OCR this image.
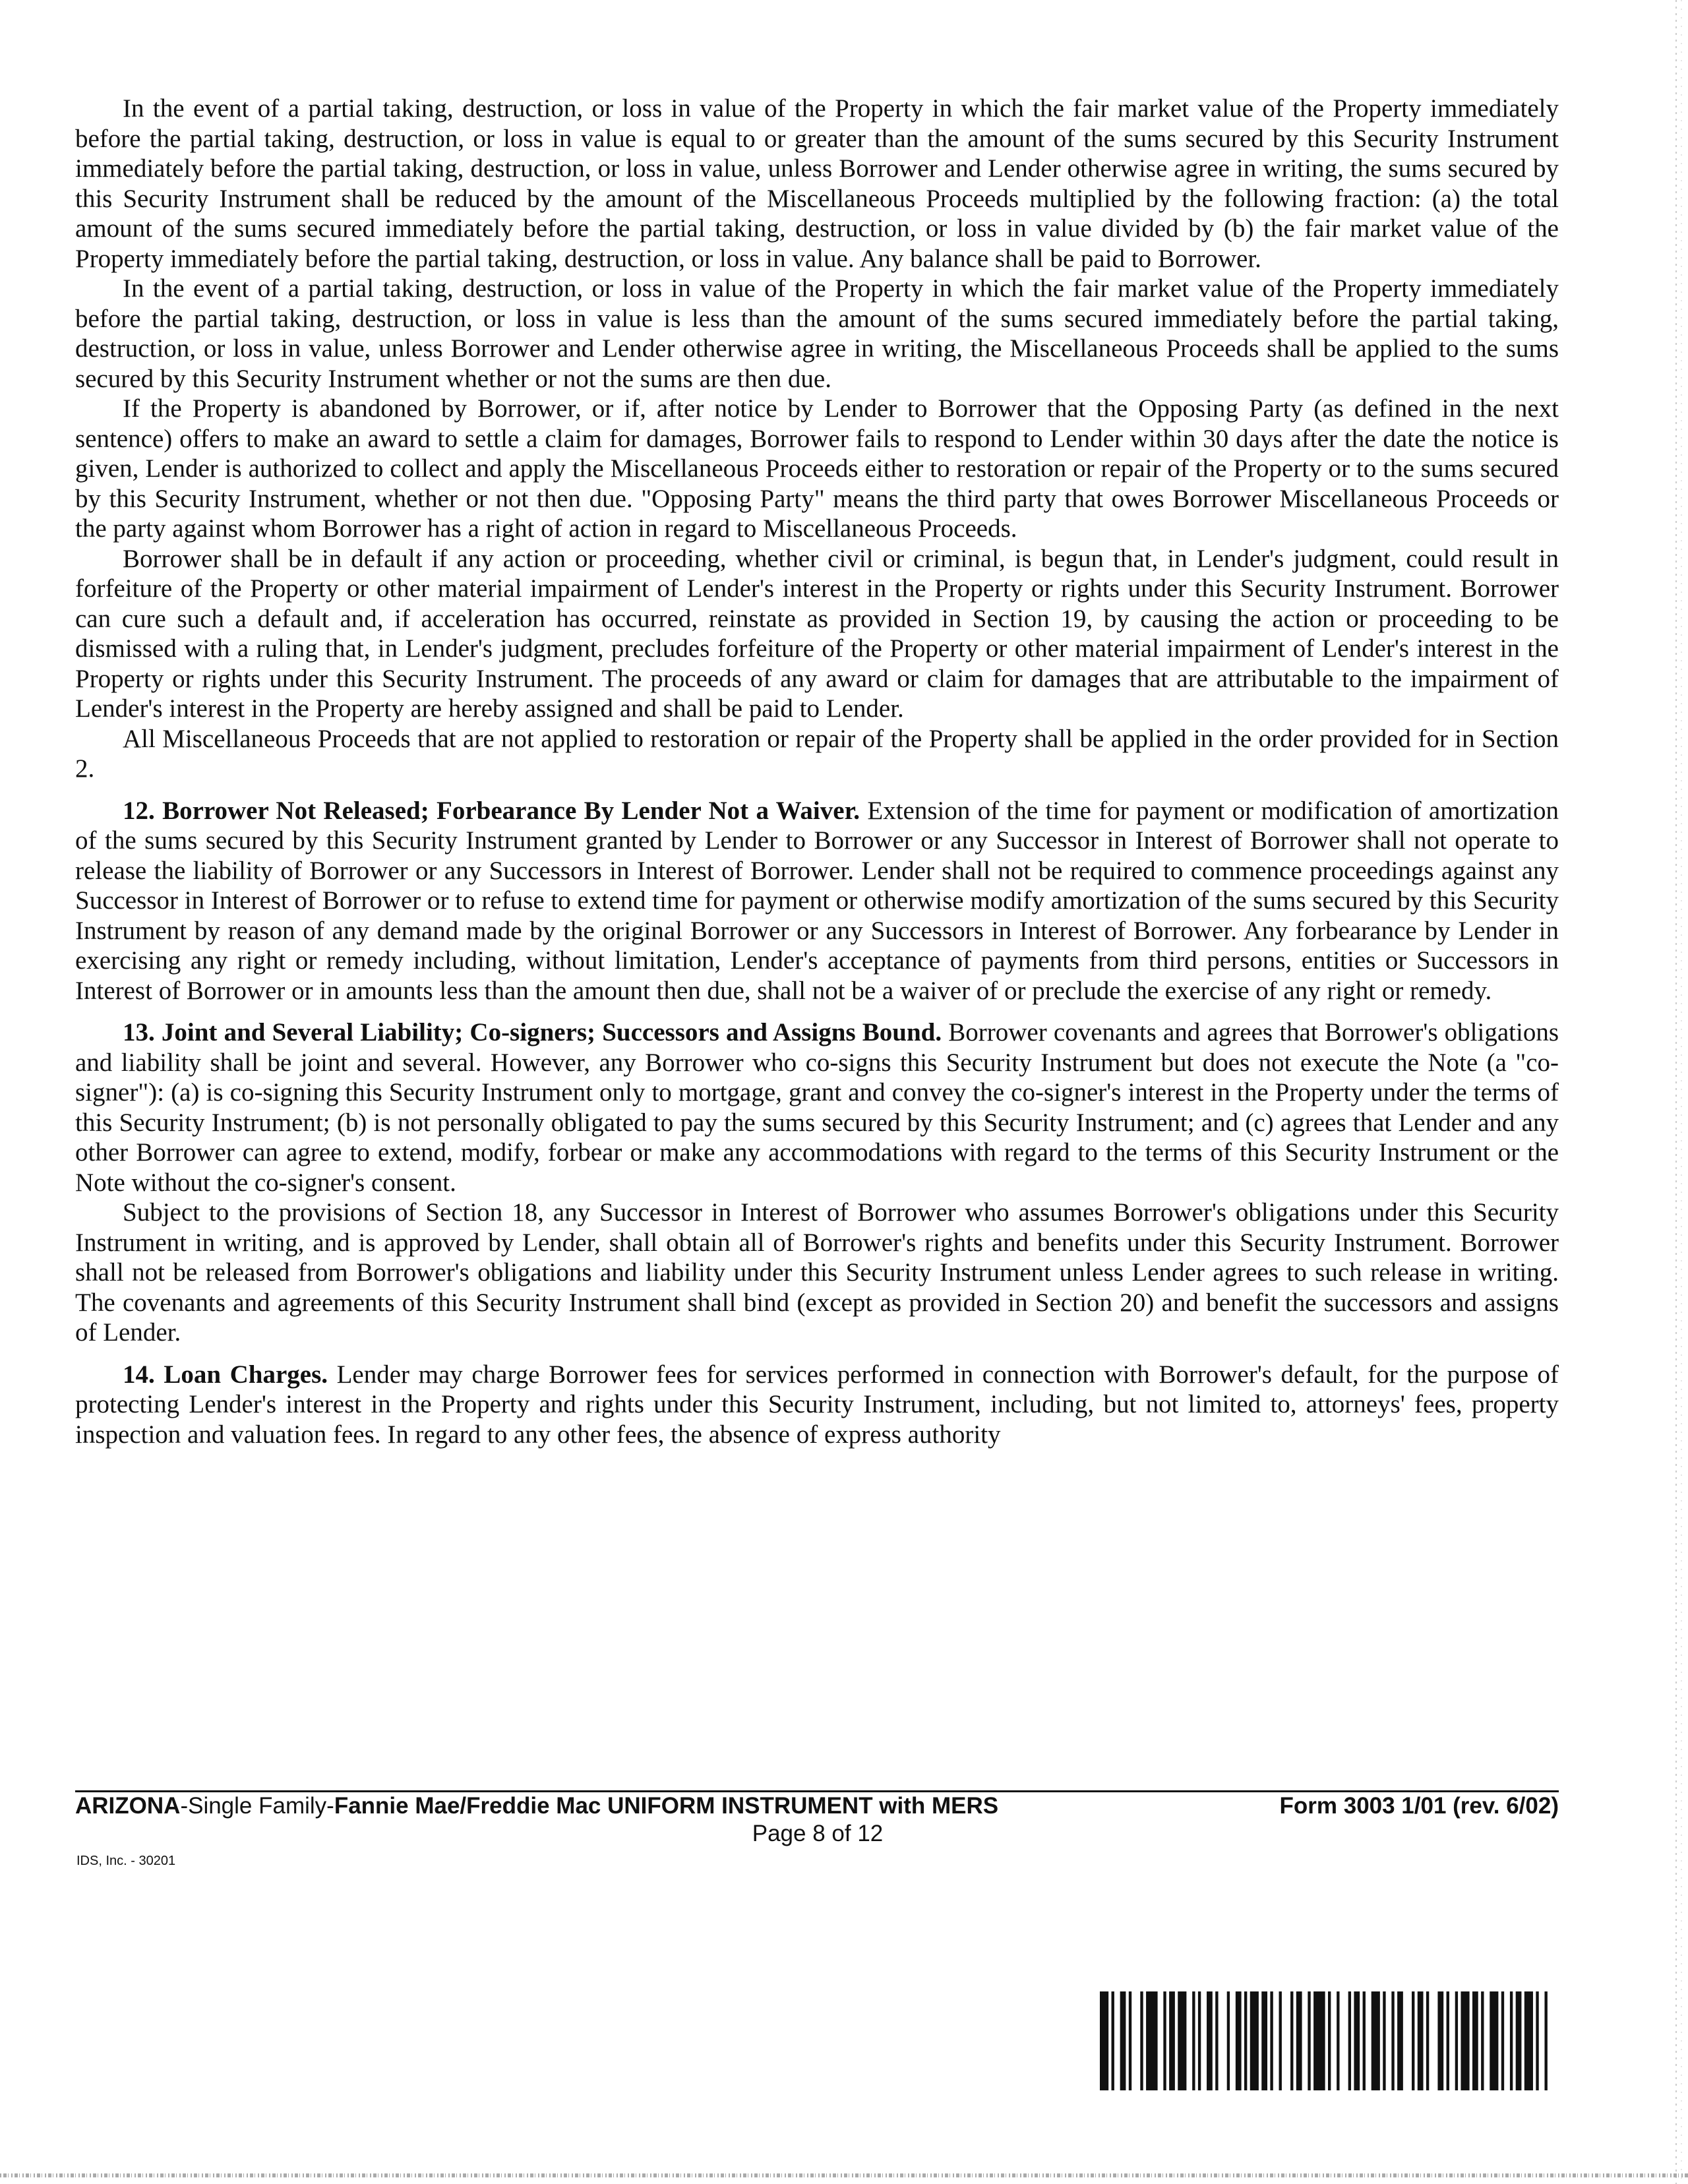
In the event of a partial taking, destruction, or loss in value of the Property in which the fair market value of the Property immediately before the partial taking, destruction, or loss in value is equal to or greater than the amount of the sums secured by this Security Instrument immediately before the partial taking, destruction, or loss in value, unless Borrower and Lender otherwise agree in writing, the sums secured by this Security Instrument shall be reduced by the amount of the Miscellaneous Proceeds multiplied by the following fraction: (a) the total amount of the sums secured immediately before the partial taking, destruction, or loss in value divided by (b) the fair market value of the Property immediately before the partial taking, destruction, or loss in value. Any balance shall be paid to Borrower.

In the event of a partial taking, destruction, or loss in value of the Property in which the fair market value of the Property immediately before the partial taking, destruction, or loss in value is less than the amount of the sums secured immediately before the partial taking, destruction, or loss in value, unless Borrower and Lender otherwise agree in writing, the Miscellaneous Proceeds shall be applied to the sums secured by this Security Instrument whether or not the sums are then due.

If the Property is abandoned by Borrower, or if, after notice by Lender to Borrower that the Opposing Party (as defined in the next sentence) offers to make an award to settle a claim for damages, Borrower fails to respond to Lender within 30 days after the date the notice is given, Lender is authorized to collect and apply the Miscellaneous Proceeds either to restoration or repair of the Property or to the sums secured by this Security Instrument, whether or not then due. "Opposing Party" means the third party that owes Borrower Miscellaneous Proceeds or the party against whom Borrower has a right of action in regard to Miscellaneous Proceeds.

Borrower shall be in default if any action or proceeding, whether civil or criminal, is begun that, in Lender's judgment, could result in forfeiture of the Property or other material impairment of Lender's interest in the Property or rights under this Security Instrument. Borrower can cure such a default and, if acceleration has occurred, reinstate as provided in Section 19, by causing the action or proceeding to be dismissed with a ruling that, in Lender's judgment, precludes forfeiture of the Property or other material impairment of Lender's interest in the Property or rights under this Security Instrument. The proceeds of any award or claim for damages that are attributable to the impairment of Lender's interest in the Property are hereby assigned and shall be paid to Lender.

All Miscellaneous Proceeds that are not applied to restoration or repair of the Property shall be applied in the order provided for in Section 2.

12. Borrower Not Released; Forbearance By Lender Not a Waiver. Extension of the time for payment or modification of amortization of the sums secured by this Security Instrument granted by Lender to Borrower or any Successor in Interest of Borrower shall not operate to release the liability of Borrower or any Successors in Interest of Borrower. Lender shall not be required to commence proceedings against any Successor in Interest of Borrower or to refuse to extend time for payment or otherwise modify amortization of the sums secured by this Security Instrument by reason of any demand made by the original Borrower or any Successors in Interest of Borrower. Any forbearance by Lender in exercising any right or remedy including, without limitation, Lender's acceptance of payments from third persons, entities or Successors in Interest of Borrower or in amounts less than the amount then due, shall not be a waiver of or preclude the exercise of any right or remedy.

13. Joint and Several Liability; Co-signers; Successors and Assigns Bound. Borrower covenants and agrees that Borrower's obligations and liability shall be joint and several. However, any Borrower who co-signs this Security Instrument but does not execute the Note (a "co-signer"): (a) is co-signing this Security Instrument only to mortgage, grant and convey the co-signer's interest in the Property under the terms of this Security Instrument; (b) is not personally obligated to pay the sums secured by this Security Instrument; and (c) agrees that Lender and any other Borrower can agree to extend, modify, forbear or make any accommodations with regard to the terms of this Security Instrument or the Note without the co-signer's consent.

Subject to the provisions of Section 18, any Successor in Interest of Borrower who assumes Borrower's obligations under this Security Instrument in writing, and is approved by Lender, shall obtain all of Borrower's rights and benefits under this Security Instrument. Borrower shall not be released from Borrower's obligations and liability under this Security Instrument unless Lender agrees to such release in writing. The covenants and agreements of this Security Instrument shall bind (except as provided in Section 20) and benefit the successors and assigns of Lender.

14. Loan Charges. Lender may charge Borrower fees for services performed in connection with Borrower's default, for the purpose of protecting Lender's interest in the Property and rights under this Security Instrument, including, but not limited to, attorneys' fees, property inspection and valuation fees. In regard to any other fees, the absence of express authority

ARIZONA-Single Family-Fannie Mae/Freddie Mac UNIFORM INSTRUMENT with MERS	Form 3003 1/01 (rev. 6/02)
Page 8 of 12
IDS, Inc. - 30201
